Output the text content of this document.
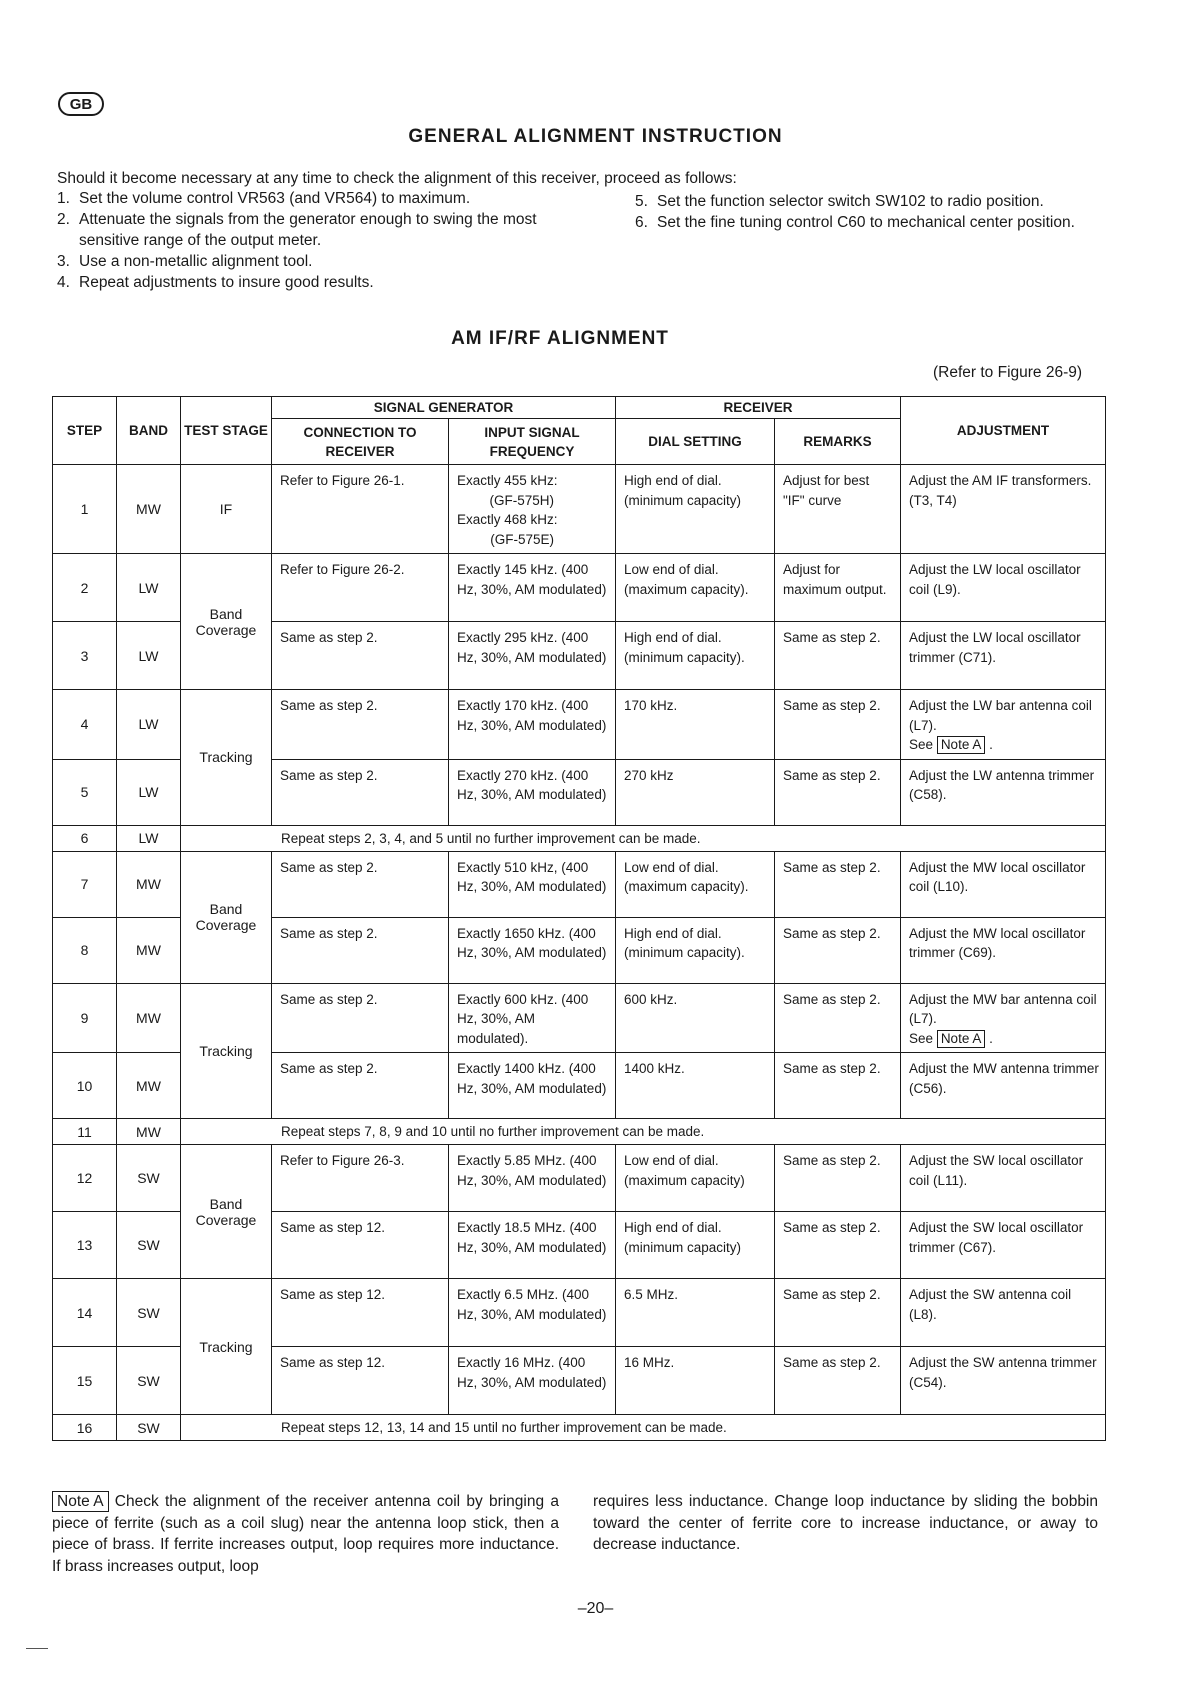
GB
GENERAL ALIGNMENT INSTRUCTION
Should it become necessary at any time to check the alignment of this receiver, proceed as follows:
1. Set the volume control VR563 (and VR564) to maximum.
2. Attenuate the signals from the generator enough to swing the most sensitive range of the output meter.
3. Use a non-metallic alignment tool.
4. Repeat adjustments to insure good results.
5. Set the function selector switch SW102 to radio position.
6. Set the fine tuning control C60 to mechanical center position.
AM IF/RF ALIGNMENT
(Refer to Figure 26-9)
STEP	BAND	TEST STAGE	SIGNAL GENERATOR		RECEIVER		ADJUSTMENT
			CONNECTION TO RECEIVER	INPUT SIGNAL FREQUENCY	DIAL SETTING	REMARKS	
1	MW	IF	Refer to Figure 26-1.	Exactly 455 kHz:
(GF-575H)
Exactly 468 kHz:
(GF-575E)	High end of dial. (minimum capacity)	Adjust for best "IF" curve	Adjust the AM IF transformers. (T3, T4)
2	LW	Band Coverage	Refer to Figure 26-2.	Exactly 145 kHz. (400 Hz, 30%, AM modulated)	Low end of dial. (maximum capacity).	Adjust for maximum output.	Adjust the LW local oscillator coil (L9).
3	LW		Same as step 2.	Exactly 295 kHz. (400 Hz, 30%, AM modulated)	High end of dial. (minimum capacity).	Same as step 2.	Adjust the LW local oscillator trimmer (C71).
4	LW	Tracking	Same as step 2.	Exactly 170 kHz. (400 Hz, 30%, AM modulated)	170 kHz.	Same as step 2.	Adjust the LW bar antenna coil (L7).
See Note A .
5	LW		Same as step 2.	Exactly 270 kHz. (400 Hz, 30%, AM modulated)	270 kHz	Same as step 2.	Adjust the LW antenna trimmer (C58).
6	LW	Repeat steps 2, 3, 4, and 5 until no further improvement can be made.					
7	MW	Band Coverage	Same as step 2.	Exactly 510 kHz, (400 Hz, 30%, AM modulated)	Low end of dial. (maximum capacity).	Same as step 2.	Adjust the MW local oscillator coil (L10).
8	MW		Same as step 2.	Exactly 1650 kHz. (400 Hz, 30%, AM modulated)	High end of dial. (minimum capacity).	Same as step 2.	Adjust the MW local oscillator trimmer (C69).
9	MW	Tracking	Same as step 2.	Exactly 600 kHz. (400 Hz, 30%, AM modulated).	600 kHz.	Same as step 2.	Adjust the MW bar antenna coil (L7).
See Note A .
10	MW		Same as step 2.	Exactly 1400 kHz. (400 Hz, 30%, AM modulated)	1400 kHz.	Same as step 2.	Adjust the MW antenna trimmer (C56).
11	MW	Repeat steps 7, 8, 9 and 10 until no further improvement can be made.					
12	SW	Band Coverage	Refer to Figure 26-3.	Exactly 5.85 MHz. (400 Hz, 30%, AM modulated)	Low end of dial. (maximum capacity)	Same as step 2.	Adjust the SW local oscillator coil (L11).
13	SW		Same as step 12.	Exactly 18.5 MHz. (400 Hz, 30%, AM modulated)	High end of dial. (minimum capacity)	Same as step 2.	Adjust the SW local oscillator trimmer (C67).
14	SW	Tracking	Same as step 12.	Exactly 6.5 MHz. (400 Hz, 30%, AM modulated)	6.5 MHz.	Same as step 2.	Adjust the SW antenna coil (L8).
15	SW		Same as step 12.	Exactly 16 MHz. (400 Hz, 30%, AM modulated)	16 MHz.	Same as step 2.	Adjust the SW antenna trimmer (C54).
16	SW	Repeat steps 12, 13, 14 and 15 until no further improvement can be made.					
Note A Check the alignment of the receiver antenna coil by bringing a piece of ferrite (such as a coil slug) near the antenna loop stick, then a piece of brass. If ferrite increases output, loop requires more inductance. If brass increases output, loop
requires less inductance. Change loop inductance by sliding the bobbin toward the center of ferrite core to increase inductance, or away to decrease inductance.
–20–
